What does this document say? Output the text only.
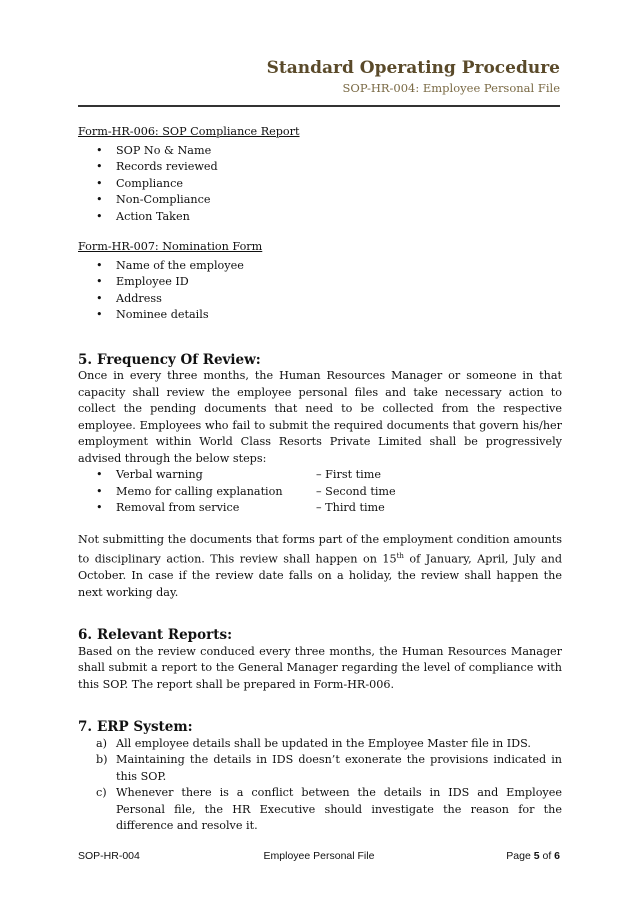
Standard Operating Procedure
SOP-HR-004: Employee Personal File
Form-HR-006: SOP Compliance Report
• SOP No & Name
• Records reviewed
• Compliance
• Non-Compliance
• Action Taken
Form-HR-007: Nomination Form
• Name of the employee
• Employee ID
• Address
• Nominee details
5. Frequency Of Review:

Once in every three months, the Human Resources Manager or someone in that capacity shall review the employee personal files and take necessary action to collect the pending documents that need to be collected from the respective employee. Employees who fail to submit the required documents that govern his/her employment within World Class Resorts Private Limited shall be progressively advised through the below steps:

• Verbal warning	– First time
• Memo for calling explanation	– Second time
• Removal from service	– Third time

Not submitting the documents that forms part of the employment condition amounts to disciplinary action. This review shall happen on 15th of January, April, July and October. In case if the review date falls on a holiday, the review shall happen the next working day.

6. Relevant Reports:

Based on the review conduced every three months, the Human Resources Manager shall submit a report to the General Manager regarding the level of compliance with this SOP. The report shall be prepared in Form-HR-006.

7. ERP System:
a) All employee details shall be updated in the Employee Master file in IDS.
b) Maintaining the details in IDS doesn’t exonerate the provisions indicated in this SOP.
c) Whenever there is a conflict between the details in IDS and Employee Personal file, the HR Executive should investigate the reason for the difference and resolve it.
SOP-HR-004	Employee Personal File	Page 5 of 6
